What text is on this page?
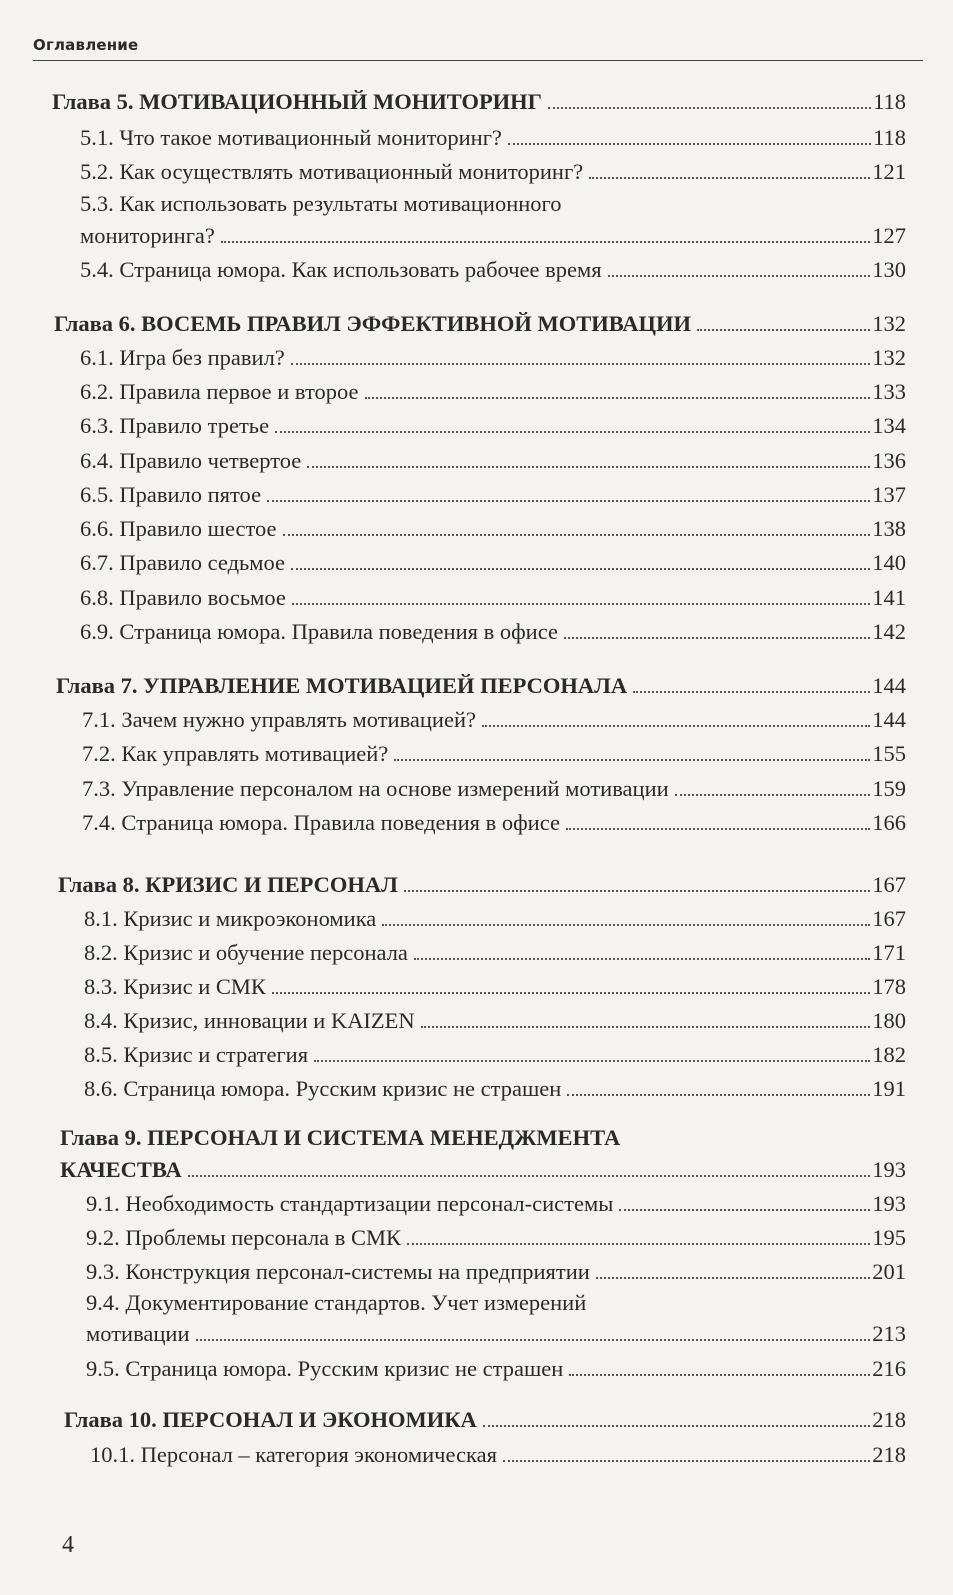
Оглавление
Глава 5. МОТИВАЦИОННЫЙ МОНИТОРИНГ	118
5.1. Что такое мотивационный мониторинг?	118
5.2. Как осуществлять мотивационный мониторинг?	121
5.3. Как использовать результаты мотивационного
мониторинга?	127
5.4. Страница юмора. Как использовать рабочее время	130
Глава 6. ВОСЕМЬ ПРАВИЛ ЭФФЕКТИВНОЙ МОТИВАЦИИ	132
6.1. Игра без правил?	132
6.2. Правила первое и второе	133
6.3. Правило третье	134
6.4. Правило четвертое	136
6.5. Правило пятое	137
6.6. Правило шестое	138
6.7. Правило седьмое	140
6.8. Правило восьмое	141
6.9. Страница юмора. Правила поведения в офисе	142
Глава 7. УПРАВЛЕНИЕ МОТИВАЦИЕЙ ПЕРСОНАЛА	144
7.1. Зачем нужно управлять мотивацией?	144
7.2. Как управлять мотивацией?	155
7.3. Управление персоналом на основе измерений мотивации	159
7.4. Страница юмора. Правила поведения в офисе	166
Глава 8. КРИЗИС И ПЕРСОНАЛ	167
8.1. Кризис и микроэкономика	167
8.2. Кризис и обучение персонала	171
8.3. Кризис и СМК	178
8.4. Кризис, инновации и KAIZEN	180
8.5. Кризис и стратегия	182
8.6. Страница юмора. Русским кризис не страшен	191
Глава 9. ПЕРСОНАЛ И СИСТЕМА МЕНЕДЖМЕНТА
КАЧЕСТВА	193
9.1. Необходимость стандартизации персонал-системы	193
9.2. Проблемы персонала в СМК	195
9.3. Конструкция персонал-системы на предприятии	201
9.4. Документирование стандартов. Учет измерений
мотивации	213
9.5. Страница юмора. Русским кризис не страшен	216
Глава 10. ПЕРСОНАЛ И ЭКОНОМИКА	218
10.1. Персонал – категория экономическая	218
4
